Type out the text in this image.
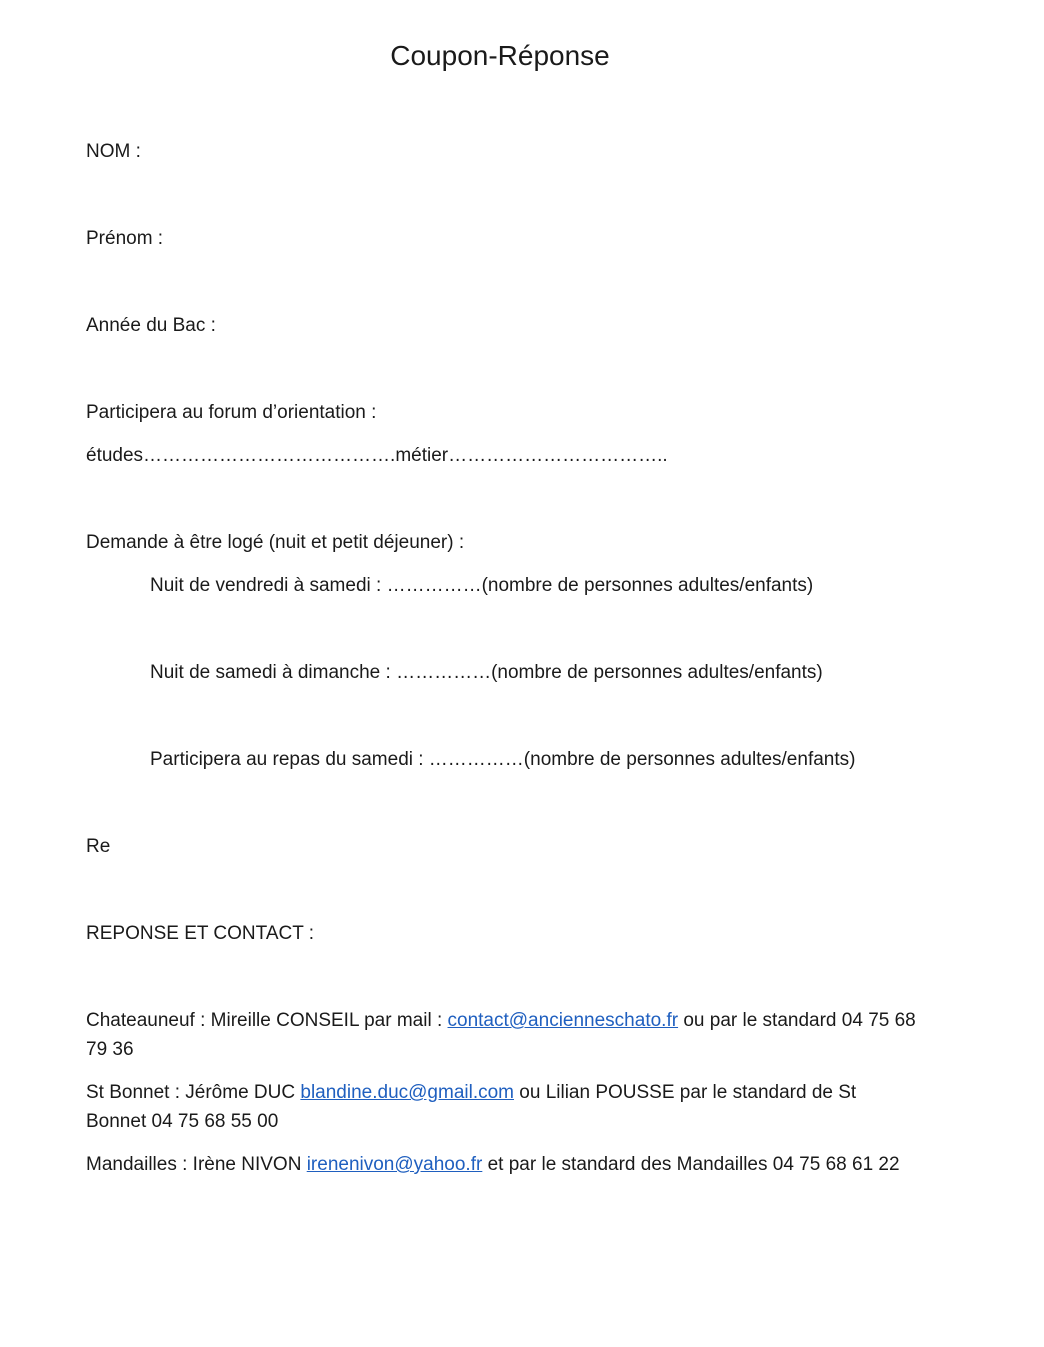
Coupon-Réponse
NOM :
Prénom :
Année du Bac :
Participera au forum d’orientation :
études………………………………….métier……………………………..
Demande à être logé (nuit et petit déjeuner) :
Nuit de vendredi à samedi : ……………(nombre de personnes adultes/enfants)
Nuit de samedi à dimanche : ……………(nombre de personnes adultes/enfants)
Participera au repas du samedi : ……………(nombre de personnes adultes/enfants)
Re
REPONSE ET CONTACT :
Chateauneuf : Mireille CONSEIL par mail : contact@ancienneschato.fr ou par le standard 04 75 68 79 36
St Bonnet : Jérôme DUC blandine.duc@gmail.com ou Lilian POUSSE par le standard de St Bonnet 04 75 68 55 00
Mandailles : Irène NIVON irenenivon@yahoo.fr et par le standard des Mandailles 04 75 68 61 22
